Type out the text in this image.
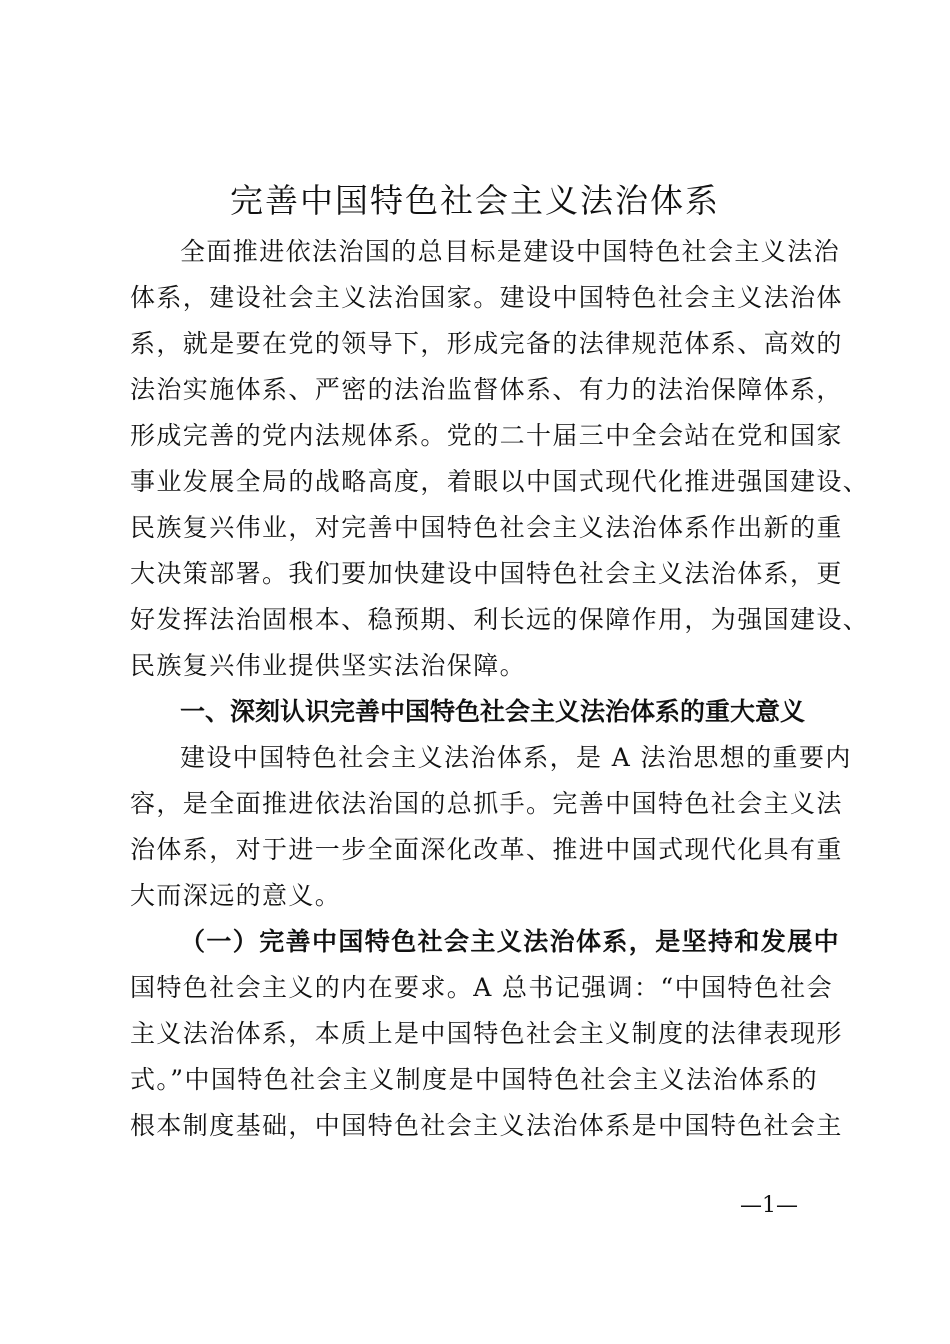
完善中国特色社会主义法治体系
全面推进依法治国的总目标是建设中国特色社会主义法治
体系，建设社会主义法治国家。建设中国特色社会主义法治体
系，就是要在党的领导下，形成完备的法律规范体系、高效的
法治实施体系、严密的法治监督体系、有力的法治保障体系，
形成完善的党内法规体系。党的二十届三中全会站在党和国家
事业发展全局的战略高度，着眼以中国式现代化推进强国建设、
民族复兴伟业，对完善中国特色社会主义法治体系作出新的重
大决策部署。我们要加快建设中国特色社会主义法治体系，更
好发挥法治固根本、稳预期、利长远的保障作用，为强国建设、
民族复兴伟业提供坚实法治保障。
一、深刻认识完善中国特色社会主义法治体系的重大意义
建设中国特色社会主义法治体系，是 A 法治思想的重要内
容，是全面推进依法治国的总抓手。完善中国特色社会主义法
治体系，对于进一步全面深化改革、推进中国式现代化具有重
大而深远的意义。
（一）完善中国特色社会主义法治体系，是坚持和发展中
国特色社会主义的内在要求。A 总书记强调：“中国特色社会
主义法治体系，本质上是中国特色社会主义制度的法律表现形
式。”中国特色社会主义制度是中国特色社会主义法治体系的
根本制度基础，中国特色社会主义法治体系是中国特色社会主
—1—
